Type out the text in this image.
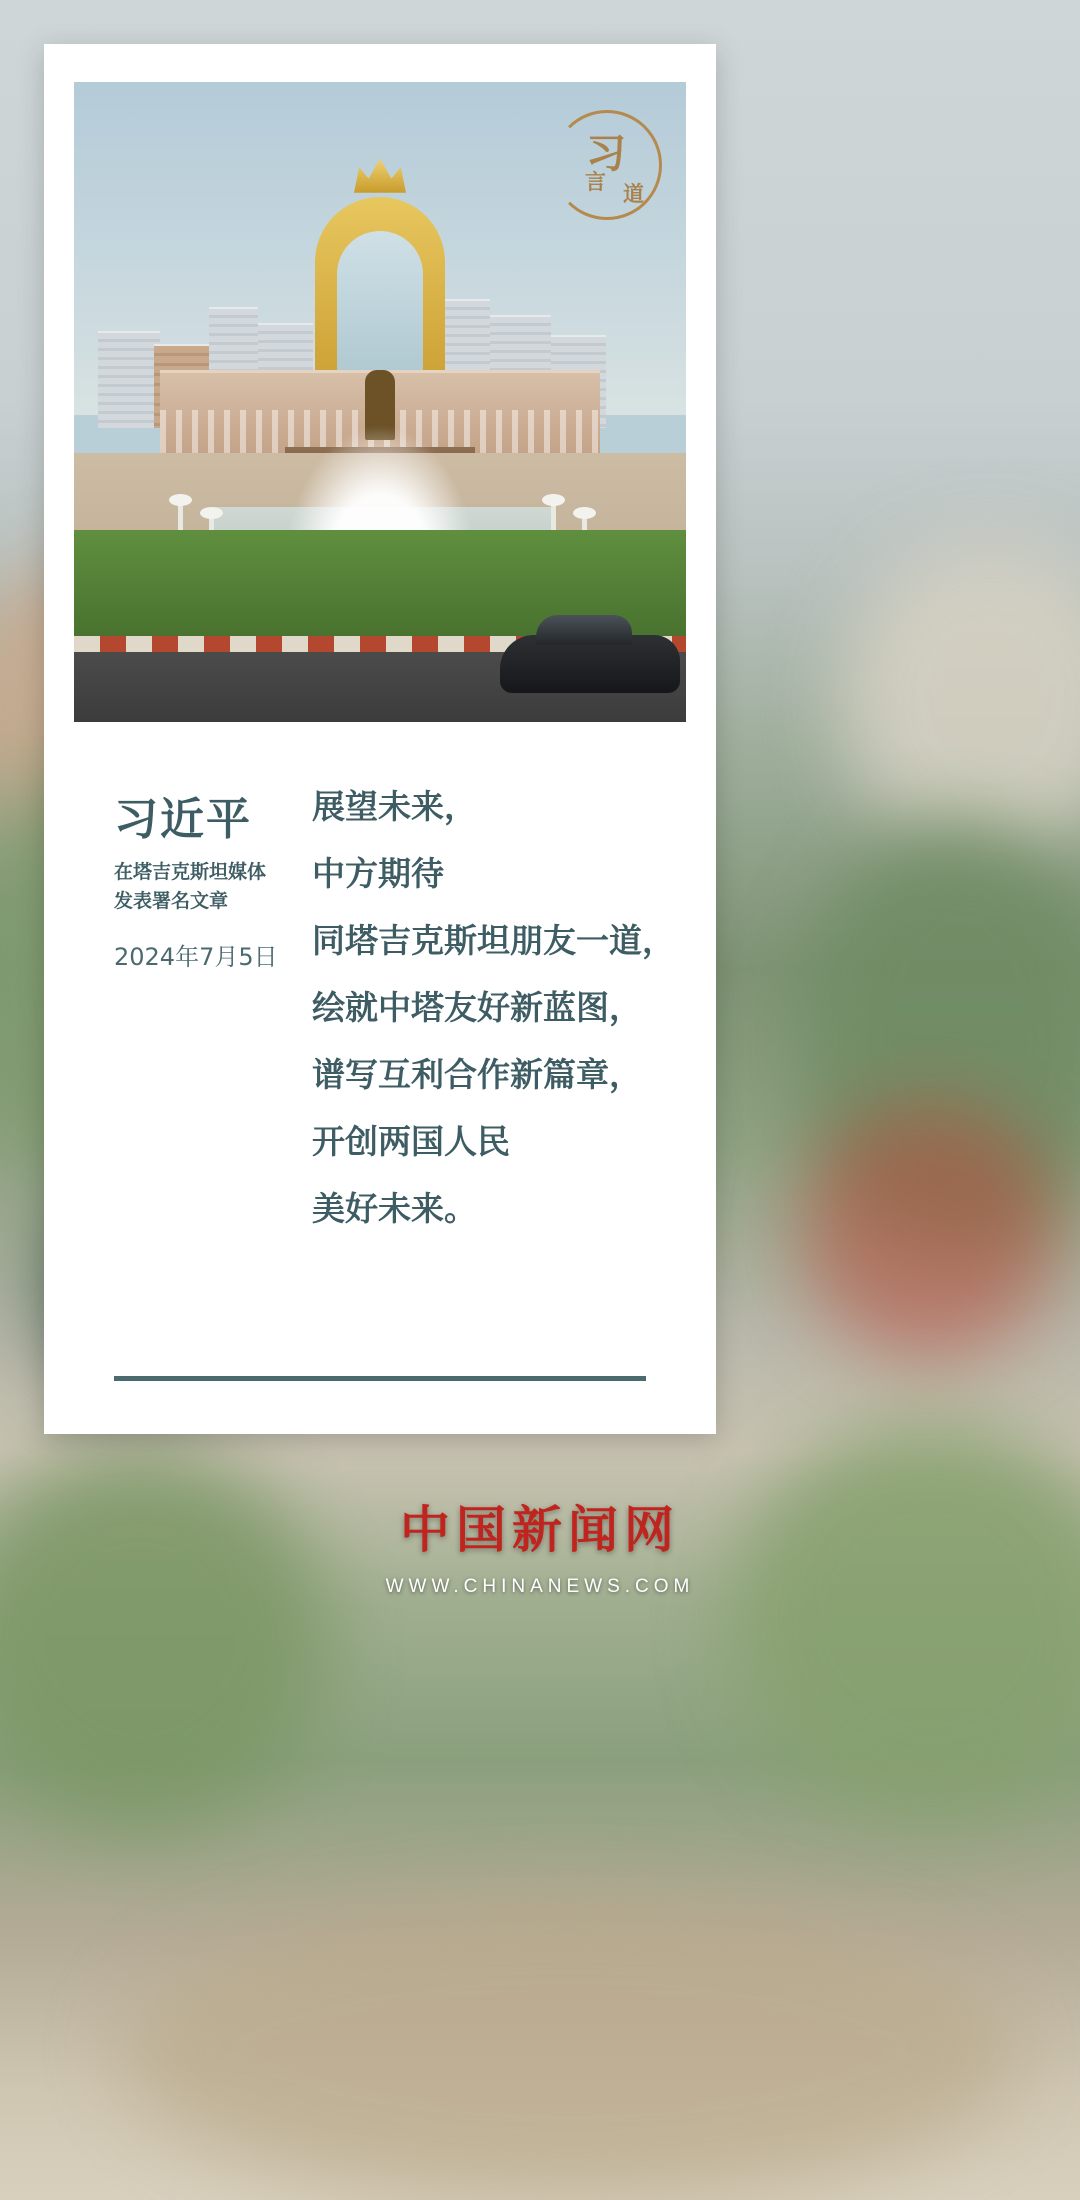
习
言
道
习近平
在塔吉克斯坦媒体
发表署名文章
2024年7月5日
展望未来，
中方期待
同塔吉克斯坦朋友一道，
绘就中塔友好新蓝图，
谱写互利合作新篇章，
开创两国人民
美好未来。
中国新闻网
WWW.CHINANEWS.COM
